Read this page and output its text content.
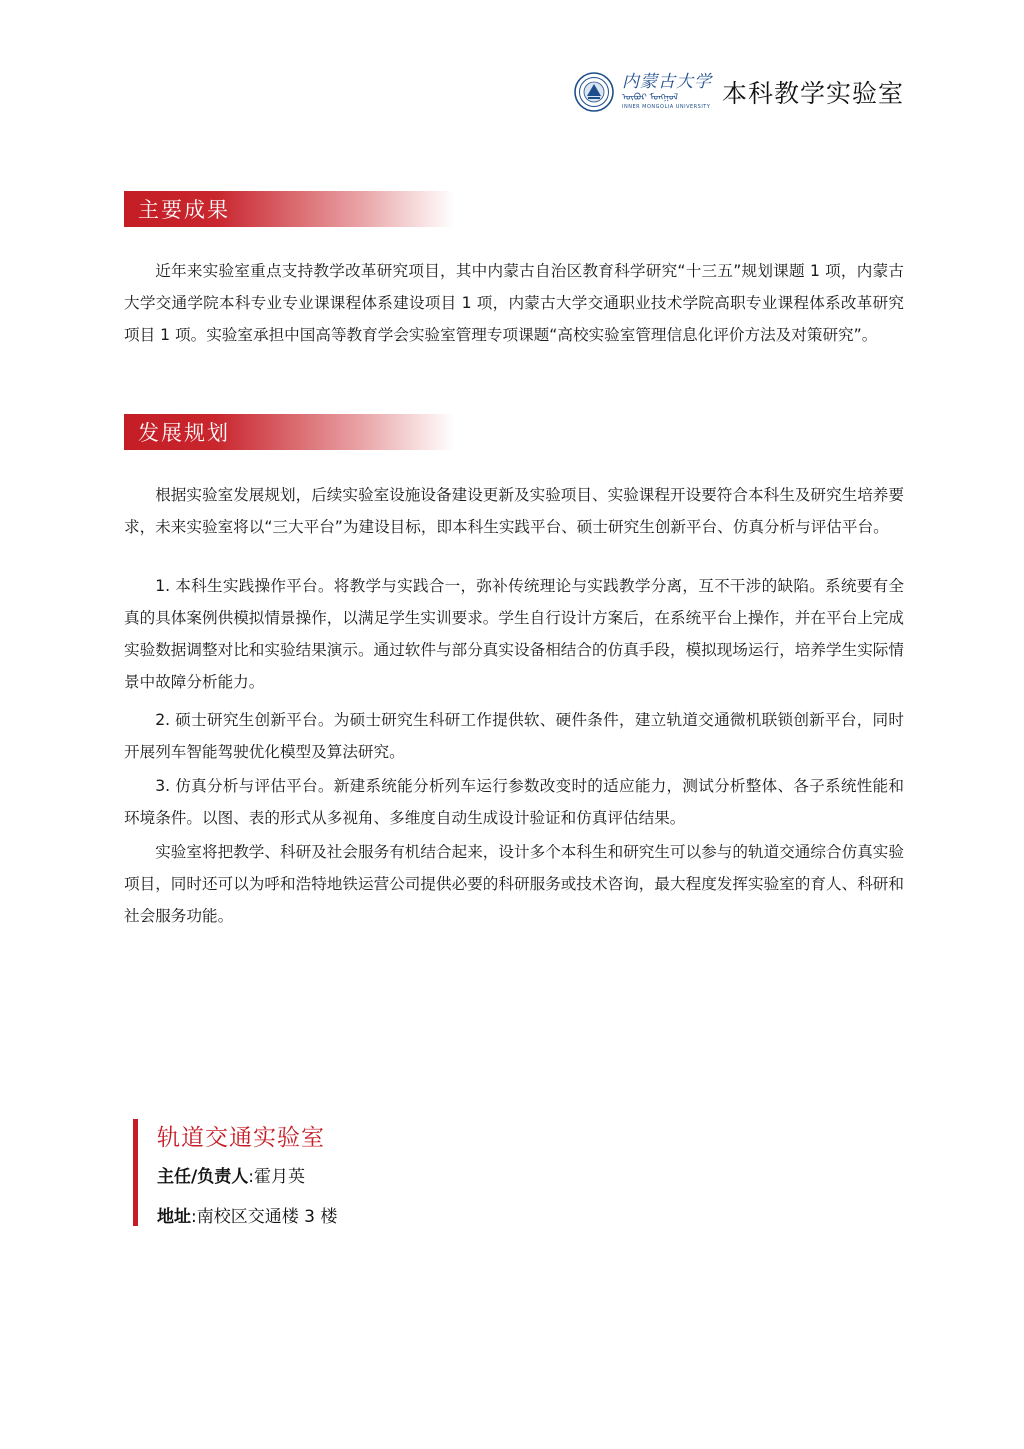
内蒙古大学
ᠦᠪᠦᠷ ᠮᠣᠩᠭᠣᠯ
INNER MONGOLIA UNIVERSITY 本科教学实验室
主要成果

近年来实验室重点支持教学改革研究项目，其中内蒙古自治区教育科学研究“十三五”规划课题 1 项，内蒙古大学交通学院本科专业专业课课程体系建设项目 1 项，内蒙古大学交通职业技术学院高职专业课程体系改革研究项目 1 项。实验室承担中国高等教育学会实验室管理专项课题“高校实验室管理信息化评价方法及对策研究”。

发展规划

根据实验室发展规划，后续实验室设施设备建设更新及实验项目、实验课程开设要符合本科生及研究生培养要求，未来实验室将以“三大平台”为建设目标，即本科生实践平台、硕士研究生创新平台、仿真分析与评估平台。

1. 本科生实践操作平台。将教学与实践合一，弥补传统理论与实践教学分离，互不干涉的缺陷。系统要有全真的具体案例供模拟情景操作，以满足学生实训要求。学生自行设计方案后，在系统平台上操作，并在平台上完成实验数据调整对比和实验结果演示。通过软件与部分真实设备相结合的仿真手段，模拟现场运行，培养学生实际情景中故障分析能力。

2. 硕士研究生创新平台。为硕士研究生科研工作提供软、硬件条件，建立轨道交通微机联锁创新平台，同时开展列车智能驾驶优化模型及算法研究。

3. 仿真分析与评估平台。新建系统能分析列车运行参数改变时的适应能力，测试分析整体、各子系统性能和环境条件。以图、表的形式从多视角、多维度自动生成设计验证和仿真评估结果。

实验室将把教学、科研及社会服务有机结合起来，设计多个本科生和研究生可以参与的轨道交通综合仿真实验项目，同时还可以为呼和浩特地铁运营公司提供必要的科研服务或技术咨询，最大程度发挥实验室的育人、科研和社会服务功能。

轨道交通实验室

主任/负责人:霍月英

地址:南校区交通楼 3 楼
